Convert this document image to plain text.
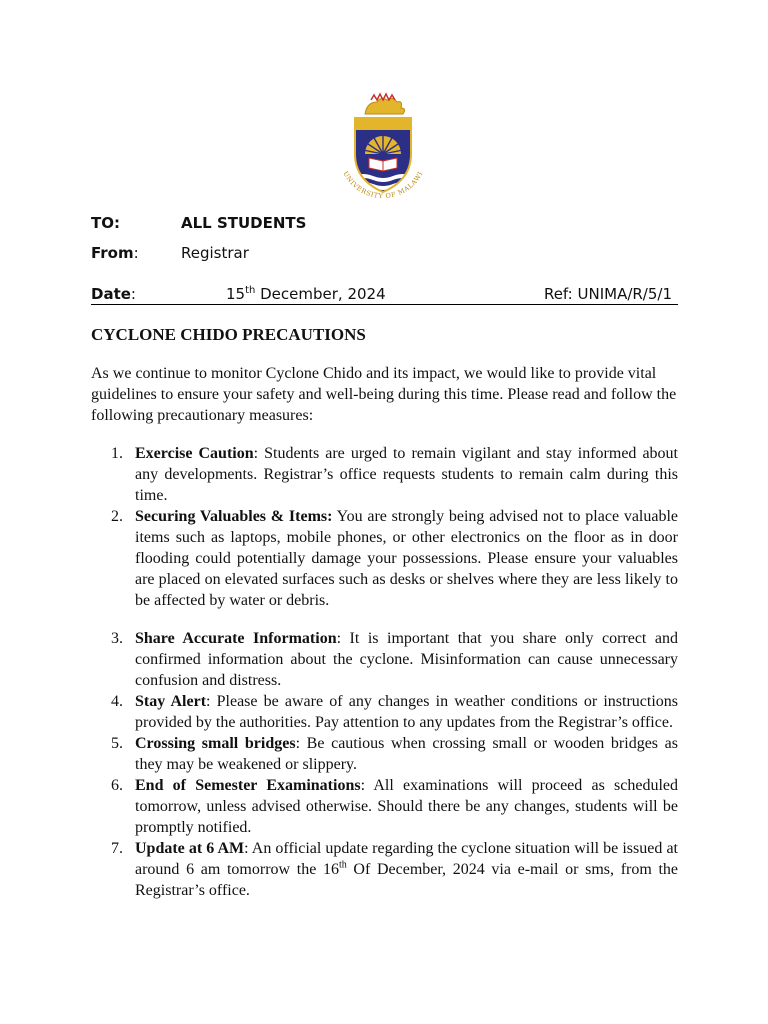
UNIVERSITY OF MALAWI
TO:	ALL STUDENTS
From:	Registrar
Date:	15th December, 2024	Ref: UNIMA/R/5/1
CYCLONE CHIDO PRECAUTIONS
As we continue to monitor Cyclone Chido and its impact, we would like to provide vital guidelines to ensure your safety and well-being during this time. Please read and follow the following precautionary measures:
1. Exercise Caution: Students are urged to remain vigilant and stay informed about any developments. Registrar’s office requests students to remain calm during this time.
2. Securing Valuables & Items: You are strongly being advised not to place valuable items such as laptops, mobile phones, or other electronics on the floor as in door flooding could potentially damage your possessions. Please ensure your valuables are placed on elevated surfaces such as desks or shelves where they are less likely to be affected by water or debris.
3. Share Accurate Information: It is important that you share only correct and confirmed information about the cyclone. Misinformation can cause unnecessary confusion and distress.
4. Stay Alert: Please be aware of any changes in weather conditions or instructions provided by the authorities. Pay attention to any updates from the Registrar’s office.
5. Crossing small bridges: Be cautious when crossing small or wooden bridges as they may be weakened or slippery.
6. End of Semester Examinations: All examinations will proceed as scheduled tomorrow, unless advised otherwise. Should there be any changes, students will be promptly notified.
7. Update at 6 AM: An official update regarding the cyclone situation will be issued at around 6 am tomorrow the 16th Of December, 2024 via e-mail or sms, from the Registrar’s office.
